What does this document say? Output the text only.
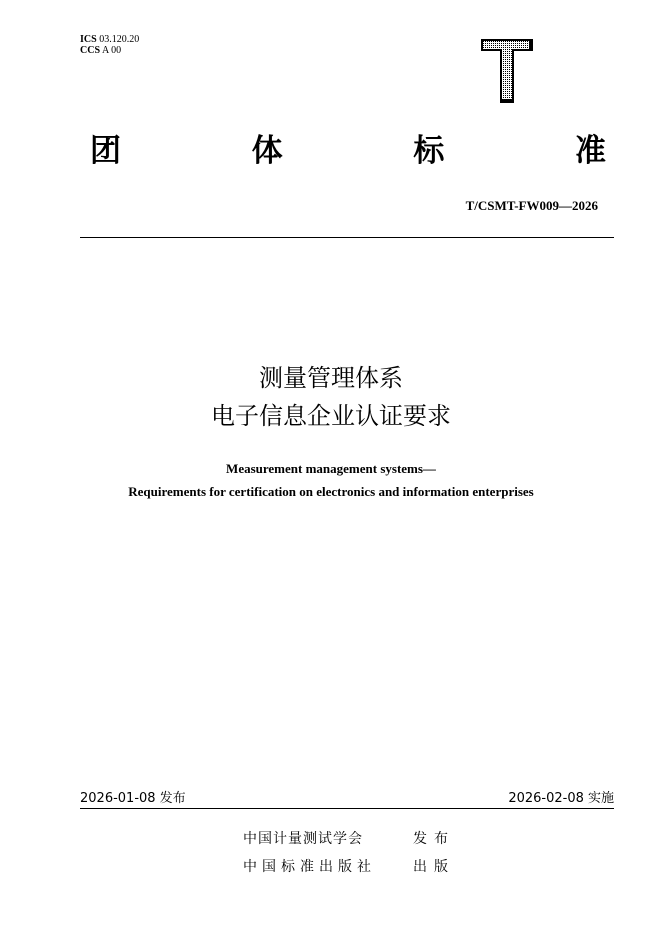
ICS 03.120.20
CCS A 00
团	体	标	准
T/CSMT-FW009—2026
测量管理体系
电子信息企业认证要求
Measurement management systems—
Requirements for certification on electronics and information enterprises
2026-01-08 发布	2026-02-08 实施
中国计量测试学会	发布
中国标准出版社	出版
